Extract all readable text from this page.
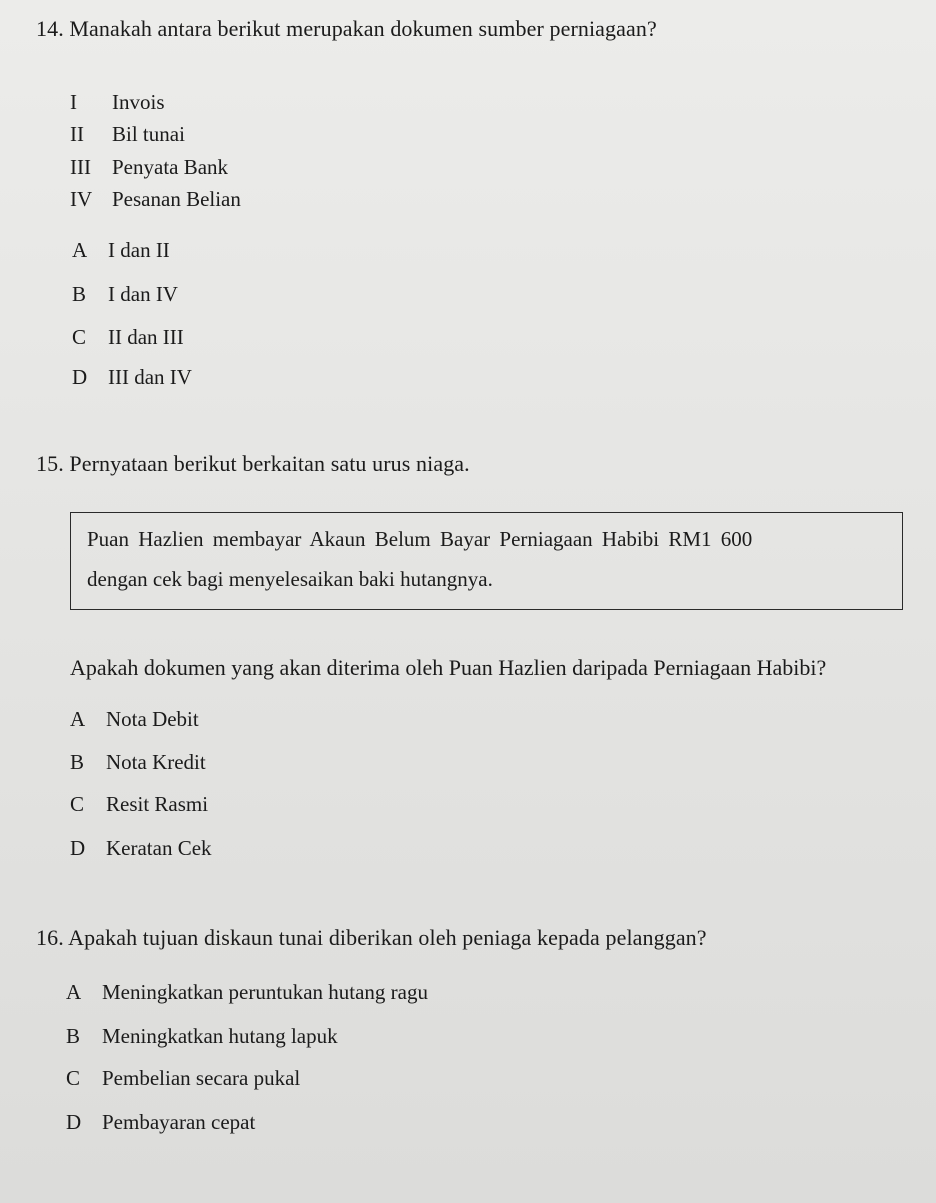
14. Manakah antara berikut merupakan dokumen sumber perniagaan?
I Invois
II Bil tunai
III Penyata Bank
IV Pesanan Belian
A I dan II
B I dan IV
C II dan III
D III dan IV
15. Pernyataan berikut berkaitan satu urus niaga.
Puan Hazlien membayar Akaun Belum Bayar Perniagaan Habibi RM1 600
dengan cek bagi menyelesaikan baki hutangnya.
Apakah dokumen yang akan diterima oleh Puan Hazlien daripada Perniagaan Habibi?
A Nota Debit
B Nota Kredit
C Resit Rasmi
D Keratan Cek
16. Apakah tujuan diskaun tunai diberikan oleh peniaga kepada pelanggan?
A Meningkatkan peruntukan hutang ragu
B Meningkatkan hutang lapuk
C Pembelian secara pukal
D Pembayaran cepat
